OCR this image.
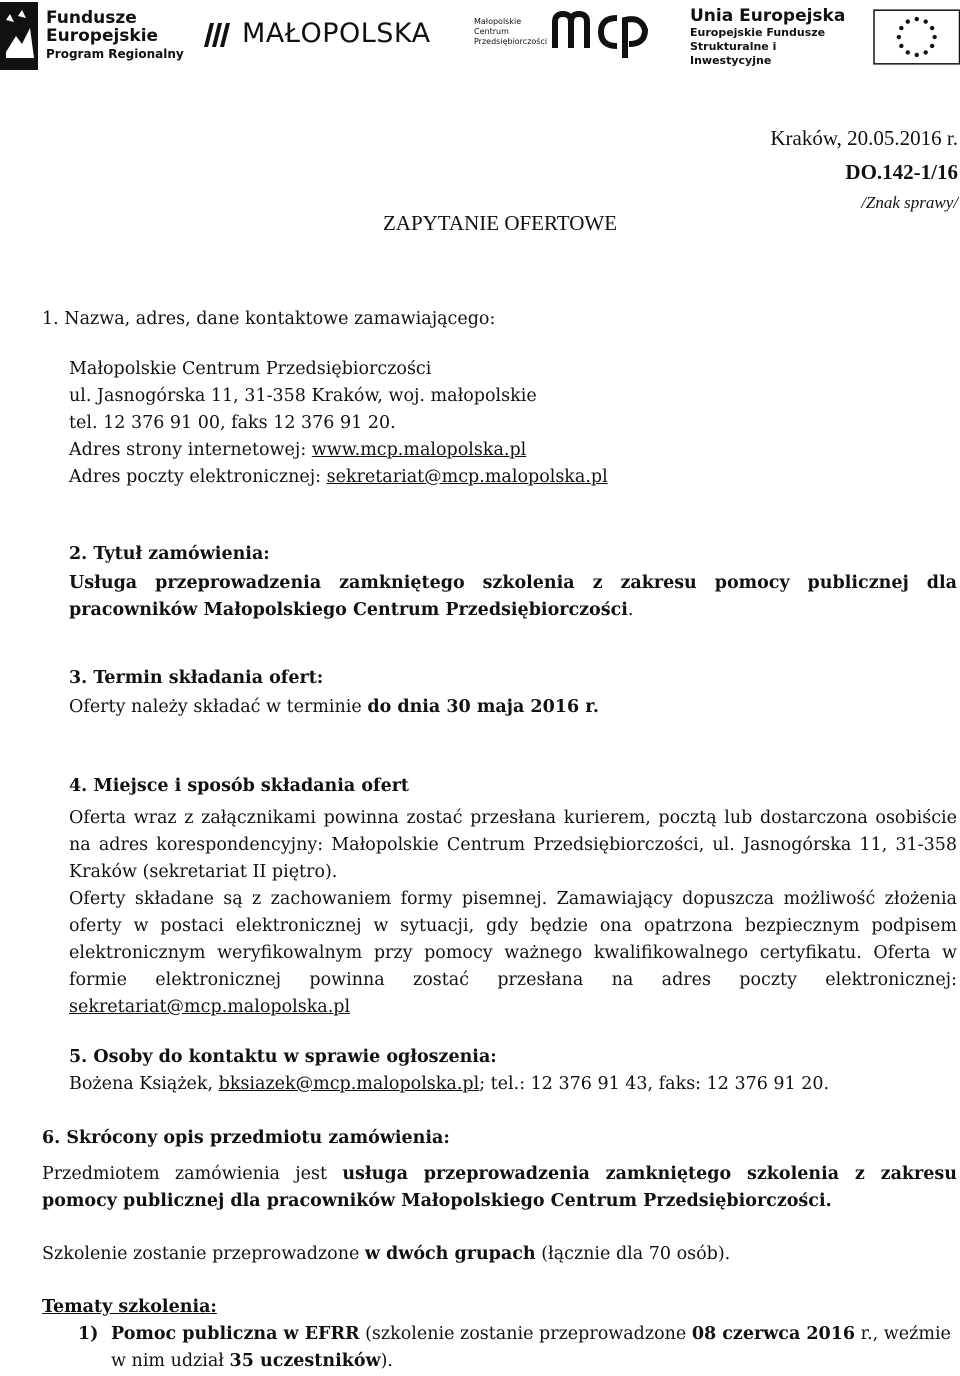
Fundusze
Europejskie
Program Regionalny
MAŁOPOLSKA	Małopolskie
Centrum
Przedsiębiorczości
Unia Europejska
Europejskie Fundusze
Strukturalne i Inwestycyjne
Kraków, 20.05.2016 r.
DO.142-1/16
/Znak sprawy/
ZAPYTANIE OFERTOWE
1. Nazwa, adres, dane kontaktowe zamawiającego:
Małopolskie Centrum Przedsiębiorczości
ul. Jasnogórska 11, 31-358 Kraków, woj. małopolskie
tel. 12 376 91 00, faks 12 376 91 20.
Adres strony internetowej: www.mcp.malopolska.pl
Adres poczty elektronicznej: sekretariat@mcp.malopolska.pl
2. Tytuł zamówienia:
Usługa przeprowadzenia zamkniętego szkolenia z zakresu pomocy publicznej dla pracowników Małopolskiego Centrum Przedsiębiorczości.
3. Termin składania ofert:
Oferty należy składać w terminie do dnia 30 maja 2016 r.
4. Miejsce i sposób składania ofert
Oferta wraz z załącznikami powinna zostać przesłana kurierem, pocztą lub dostarczona osobiście na adres korespondencyjny: Małopolskie Centrum Przedsiębiorczości, ul. Jasnogórska 11, 31-358 Kraków (sekretariat II piętro).
Oferty składane są z zachowaniem formy pisemnej. Zamawiający dopuszcza możliwość złożenia oferty w postaci elektronicznej w sytuacji, gdy będzie ona opatrzona bezpiecznym podpisem elektronicznym weryfikowalnym przy pomocy ważnego kwalifikowalnego certyfikatu. Oferta w formie elektronicznej powinna zostać przesłana na adres poczty elektronicznej: sekretariat@mcp.malopolska.pl
5. Osoby do kontaktu w sprawie ogłoszenia:
Bożena Książek, bksiazek@mcp.malopolska.pl; tel.: 12 376 91 43, faks: 12 376 91 20.
6. Skrócony opis przedmiotu zamówienia:
Przedmiotem zamówienia jest usługa przeprowadzenia zamkniętego szkolenia z zakresu pomocy publicznej dla pracowników Małopolskiego Centrum Przedsiębiorczości.
Szkolenie zostanie przeprowadzone w dwóch grupach (łącznie dla 70 osób).
Tematy szkolenia:
1) Pomoc publiczna w EFRR (szkolenie zostanie przeprowadzone 08 czerwca 2016 r., weźmie w nim udział 35 uczestników).
